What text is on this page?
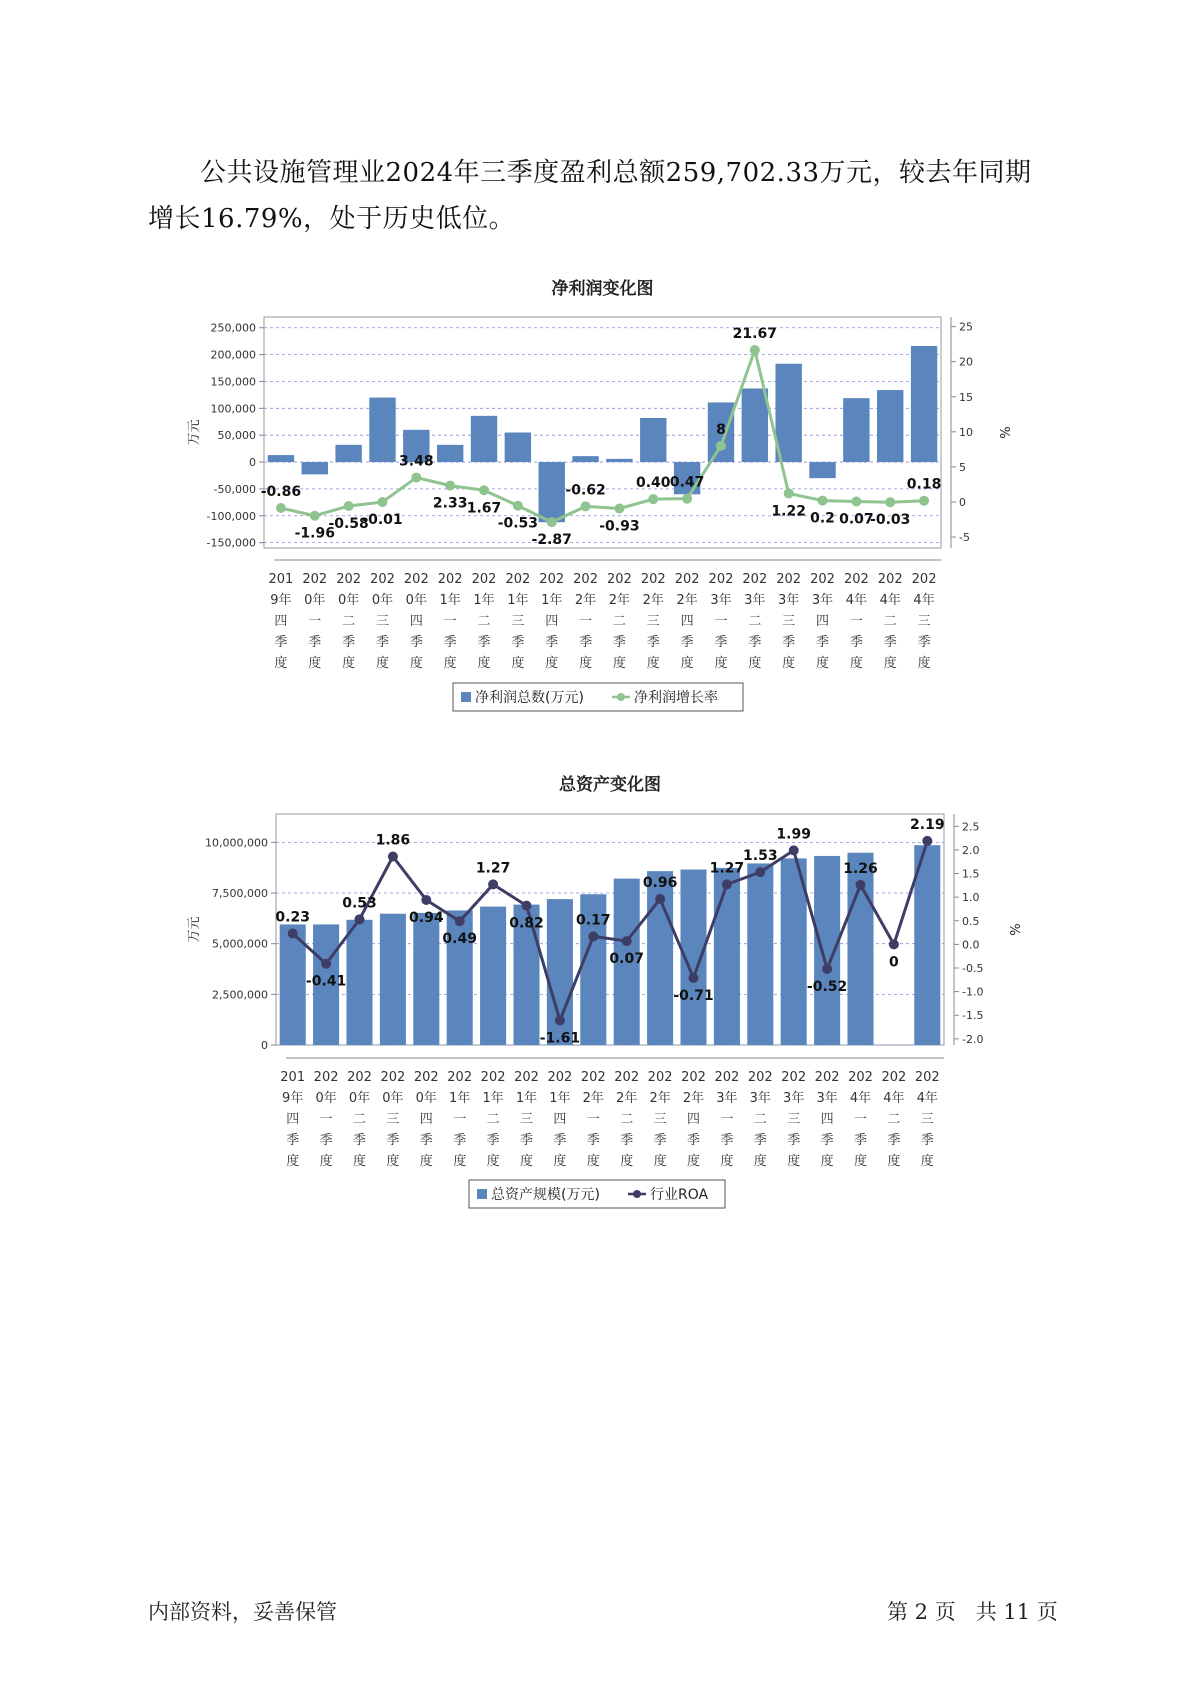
公共设施管理业2024年三季度盈利总额259,702.33万元，较去年同期增长16.79%，处于历史低位。
净利润变化图
250,000
200,000
150,000
100,000
50,000
0
-50,000
-100,000
-150,000
25
20
15
10
5
0
-5
万元	%
-0.86
-1.96
-0.58
-0.01
3.48
2.33 1.67
-0.53
-2.87
-0.62
-0.93
0.40 0.47
8
21.67
1.22 0.2 0.07
-0.03
0.18
201 9年四季度
202 0年一季度
202 0年二季度
202 0年三季度
202 0年四季度
202 1年一季度
202 1年二季度
202 1年三季度
202 1年四季度
202 2年一季度
202 2年二季度
202 2年三季度
202 2年四季度
202 3年一季度
202 3年二季度
202 3年三季度
202 3年四季度
202 4年一季度
202 4年二季度
202 4年三季度
净利润总数(万元)	净利润增长率
总资产变化图
10,000,000
7,500,000
5,000,000
2,500,000
0
2.5
2.0
1.5
1.0
0.5
0.0
-0.5
-1.0
-1.5
-2.0
万元	%
0.23
-0.41
0.53
1.86
0.94
0.49
1.27
0.82
-1.61
0.17
0.07
0.96
-0.71
1.27
1.53
1.99
-0.52
1.26
0
2.19
201 9年四季度
202 0年一季度
202 0年二季度
202 0年三季度
202 0年四季度
202 1年一季度
202 1年二季度
202 1年三季度
202 1年四季度
202 2年一季度
202 2年二季度
202 2年三季度
202 2年四季度
202 3年一季度
202 3年二季度
202 3年三季度
202 3年四季度
202 4年一季度
202 4年二季度
202 4年三季度
总资产规模(万元)	行业ROA
内部资料，妥善保管	第 2 页   共 11 页
